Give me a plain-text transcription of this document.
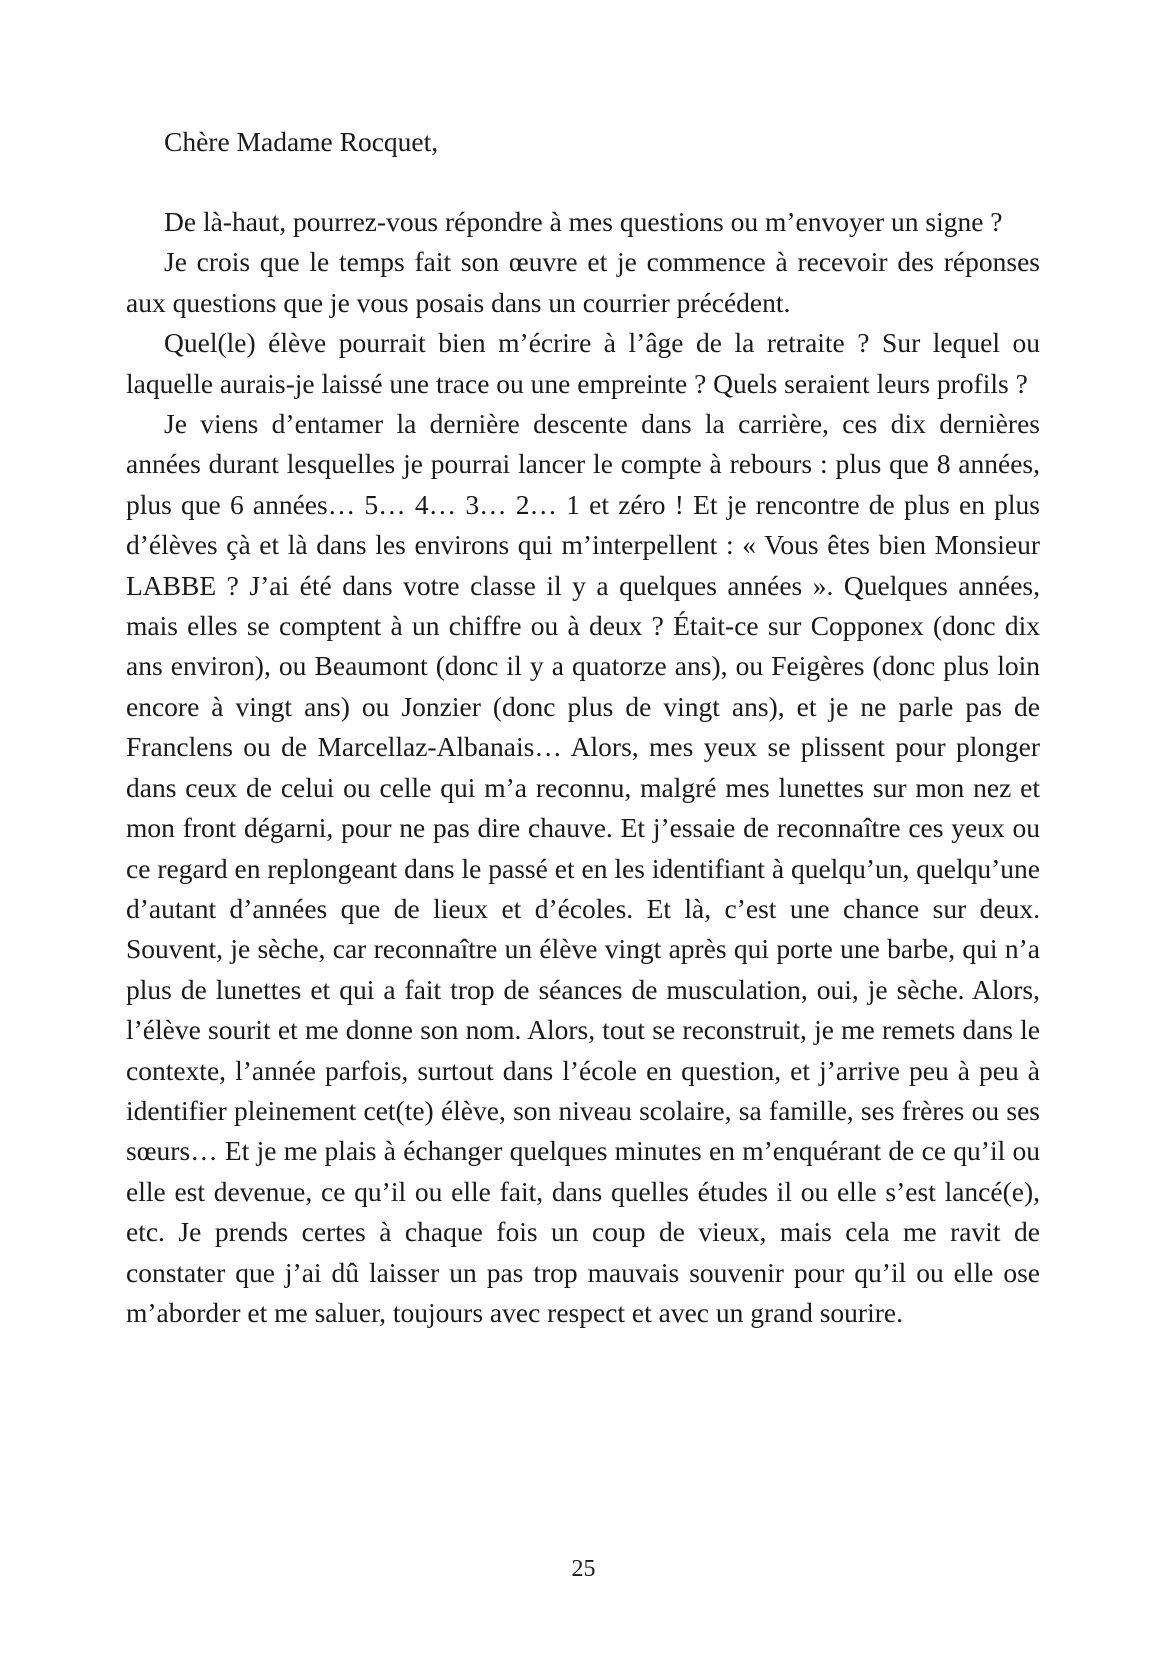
Chère Madame Rocquet,

De là-haut, pourrez-vous répondre à mes questions ou m’envoyer un signe ?

Je crois que le temps fait son œuvre et je commence à recevoir des réponses aux questions que je vous posais dans un courrier précédent.

Quel(le) élève pourrait bien m’écrire à l’âge de la retraite ? Sur lequel ou laquelle aurais-je laissé une trace ou une empreinte ? Quels seraient leurs profils ?

Je viens d’entamer la dernière descente dans la carrière, ces dix dernières années durant lesquelles je pourrai lancer le compte à rebours : plus que 8 années, plus que 6 années… 5… 4… 3… 2… 1 et zéro ! Et je rencontre de plus en plus d’élèves çà et là dans les environs qui m’interpellent : « Vous êtes bien Monsieur LABBE ? J’ai été dans votre classe il y a quelques années ». Quelques années, mais elles se comptent à un chiffre ou à deux ? Était-ce sur Copponex (donc dix ans environ), ou Beaumont (donc il y a quatorze ans), ou Feigères (donc plus loin encore à vingt ans) ou Jonzier (donc plus de vingt ans), et je ne parle pas de Franclens ou de Marcellaz-Albanais… Alors, mes yeux se plissent pour plonger dans ceux de celui ou celle qui m’a reconnu, malgré mes lunettes sur mon nez et mon front dégarni, pour ne pas dire chauve. Et j’essaie de reconnaître ces yeux ou ce regard en replongeant dans le passé et en les identifiant à quelqu’un, quelqu’une d’autant d’années que de lieux et d’écoles. Et là, c’est une chance sur deux. Souvent, je sèche, car reconnaître un élève vingt après qui porte une barbe, qui n’a plus de lunettes et qui a fait trop de séances de musculation, oui, je sèche. Alors, l’élève sourit et me donne son nom. Alors, tout se reconstruit, je me remets dans le contexte, l’année parfois, surtout dans l’école en question, et j’arrive peu à peu à identifier pleinement cet(te) élève, son niveau scolaire, sa famille, ses frères ou ses sœurs… Et je me plais à échanger quelques minutes en m’enquérant de ce qu’il ou elle est devenue, ce qu’il ou elle fait, dans quelles études il ou elle s’est lancé(e), etc. Je prends certes à chaque fois un coup de vieux, mais cela me ravit de constater que j’ai dû laisser un pas trop mauvais souvenir pour qu’il ou elle ose m’aborder et me saluer, toujours avec respect et avec un grand sourire.

25
